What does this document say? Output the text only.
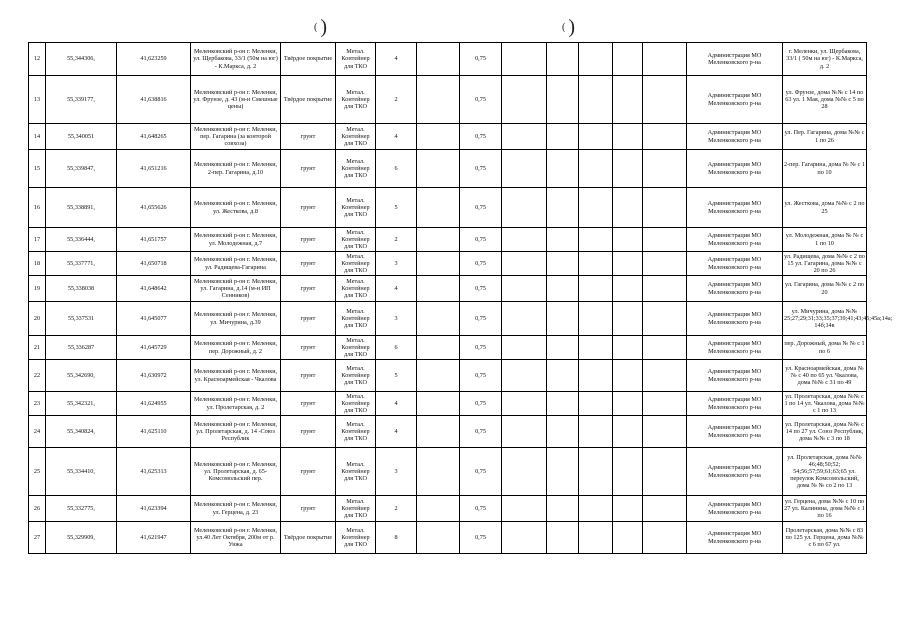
( )	( )
12	55,344306,	41,623259	Меленковский р-он г. Меленки, ул. Щербакова, 33/1 (50м на юг) - К.Маркса, д. 2	Твёрдое покрытие	Метал. Контейнер для ТКО	4		0,75						Администрация МО Меленковского р-на	г. Меленки, ул. Щербакова, 33/1 ( 50м на юг) - К.Маркса, д. 2
13	55,339177,	41,638816	Меленковский р-он г. Меленки, ул. Фрунзе, д. 43 (м-н Смешные цены)	Твёрдое покрытие	Метал. Контейнер для ТКО	2		0,75						Администрация МО Меленковского р-на	ул. Фрунзе, дома №№ с 14 по 63 ул. 1 Мая, дома №№ с 5 по 28
14	55,340051	41,648265	Меленковский р-он г. Меленки, пер. Гагарина (за конторой совхоза)	грунт	Метал. Контейнер для ТКО	4		0,75						Администрация МО Меленковского р-на	ул. Пер. Гагарина, дома №№ с 1 по 26
15	55,339847,	41,651216	Меленковский р-он г. Меленки, 2-пер. Гагарина, д.10	грунт	Метал. Контейнер для ТКО	6		0,75						Администрация МО Меленковского р-на	2-пер. Гагарина, дома № № с 1 по 10
16	55,338891,	41,655626	Меленковский р-он г. Меленки, ул. Жесткова, д.8	грунт	Метал. Контейнер для ТКО	5		0,75						Администрация МО Меленковского р-на	ул. Жесткова, дома №№ с 2 по 25
17	55,336444,	41,651757	Меленковский р-он г. Меленки, ул. Молодежная, д.7	грунт	Метал. Контейнер для ТКО	2		0,75						Администрация МО Меленковского р-на	ул. Молодежная, дома № № с 1 по 10
18	55,337771,	41,650718	Меленковский р-он г. Меленки, ул. Радищева-Гагарина	грунт	Метал. Контейнер для ТКО	3		0,75						Администрация МО Меленковского р-на	ул. Радищева, дома №№ с 2 по 15 ул. Гагарина, дома №№ с 20 по 26
19	55,338038	41,648642	Меленковский р-он г. Меленки, ул. Гагарина, д.14 (м-н ИП Сенников)	грунт	Метал. Контейнер для ТКО	4		0,75						Администрация МО Меленковского р-на	ул. Гагарина, дома №№ с 2 по 20
20	55,337531	41,645077	Меленковский р-он г. Меленки, ул. Мичурина, д.39	грунт	Метал. Контейнер для ТКО	3		0,75						Администрация МО Меленковского р-на	ул. Мичурина, дома №№ 25;27;29;31;33;35;37;39;41;43;45;45а;14а; 14б;14в
21	55,336287	41,645729	Меленковский р-он г. Меленки, пер. Дорожный, д. 2	грунт	Метал. Контейнер для ТКО	6		0,75						Администрация МО Меленковского р-на	пер. Дорожный, дома № № с 1 по 6
22	55,342690,	41,630972	Меленковский р-он г. Меленки, ул. Красноармейская - Чкалова	грунт	Метал. Контейнер для ТКО	5		0,75						Администрация МО Меленковского р-на	ул. Красноармейская, дома №№ с 40 по 65 ул. Чкалова, дома №№ с 31 по 49
23	55,342321,	41,624955	Меленковский р-он г. Меленки, ул. Пролетарская, д. 2	грунт	Метал. Контейнер для ТКО	4		0,75						Администрация МО Меленковского р-на	ул. Пролетарская, дома №№ с 1 по 14 ул. Чкалова, дома №№ с 1 по 13
24	55,340824,	41,625110	Меленковский р-он г. Меленки, ул. Пролетарская, д. 14 -Союз Республик	грунт	Метал. Контейнер для ТКО	4		0,75						Администрация МО Меленковского р-на	ул. Пролетарская, дома №№ с 14 по 27 ул. Союз Республик, дома №№ с 3 по 18
25	55,334410,	41,625313	Меленковский р-он г. Меленки, ул. Пролетарская, д. 65- Комсомольский пер.	грунт	Метал. Контейнер для ТКО	3		0,75						Администрация МО Меленковского р-на	ул. Пролетарская, дома №№ 46;48;50;52; 54;56;57;59;61;63;65 ул. переулок Комсомольский, дома № № со 2 по 13
26	55,332775,	41,623394	Меленковский р-он г. Меленки, ул. Герцена, д. 23	грунт	Метал. Контейнер для ТКО	2		0,75						Администрация МО Меленковского р-на	ул. Герцена, дома №№ с 10 по 27 ул. Калинина, дома №№ с 1 по 16
27	55,329909,	41,621947	Меленковский р-он г. Меленки, ул.40 Лет Октября, 200м от р. Унжа	Твёрдое покрытие	Метал. Контейнер для ТКО	8		0,75						Администрация МО Меленковского р-на	Пролетарская, дома №№ с 83 по 125 ул. Герцена, дома №№ с 6 по 67 ул.
